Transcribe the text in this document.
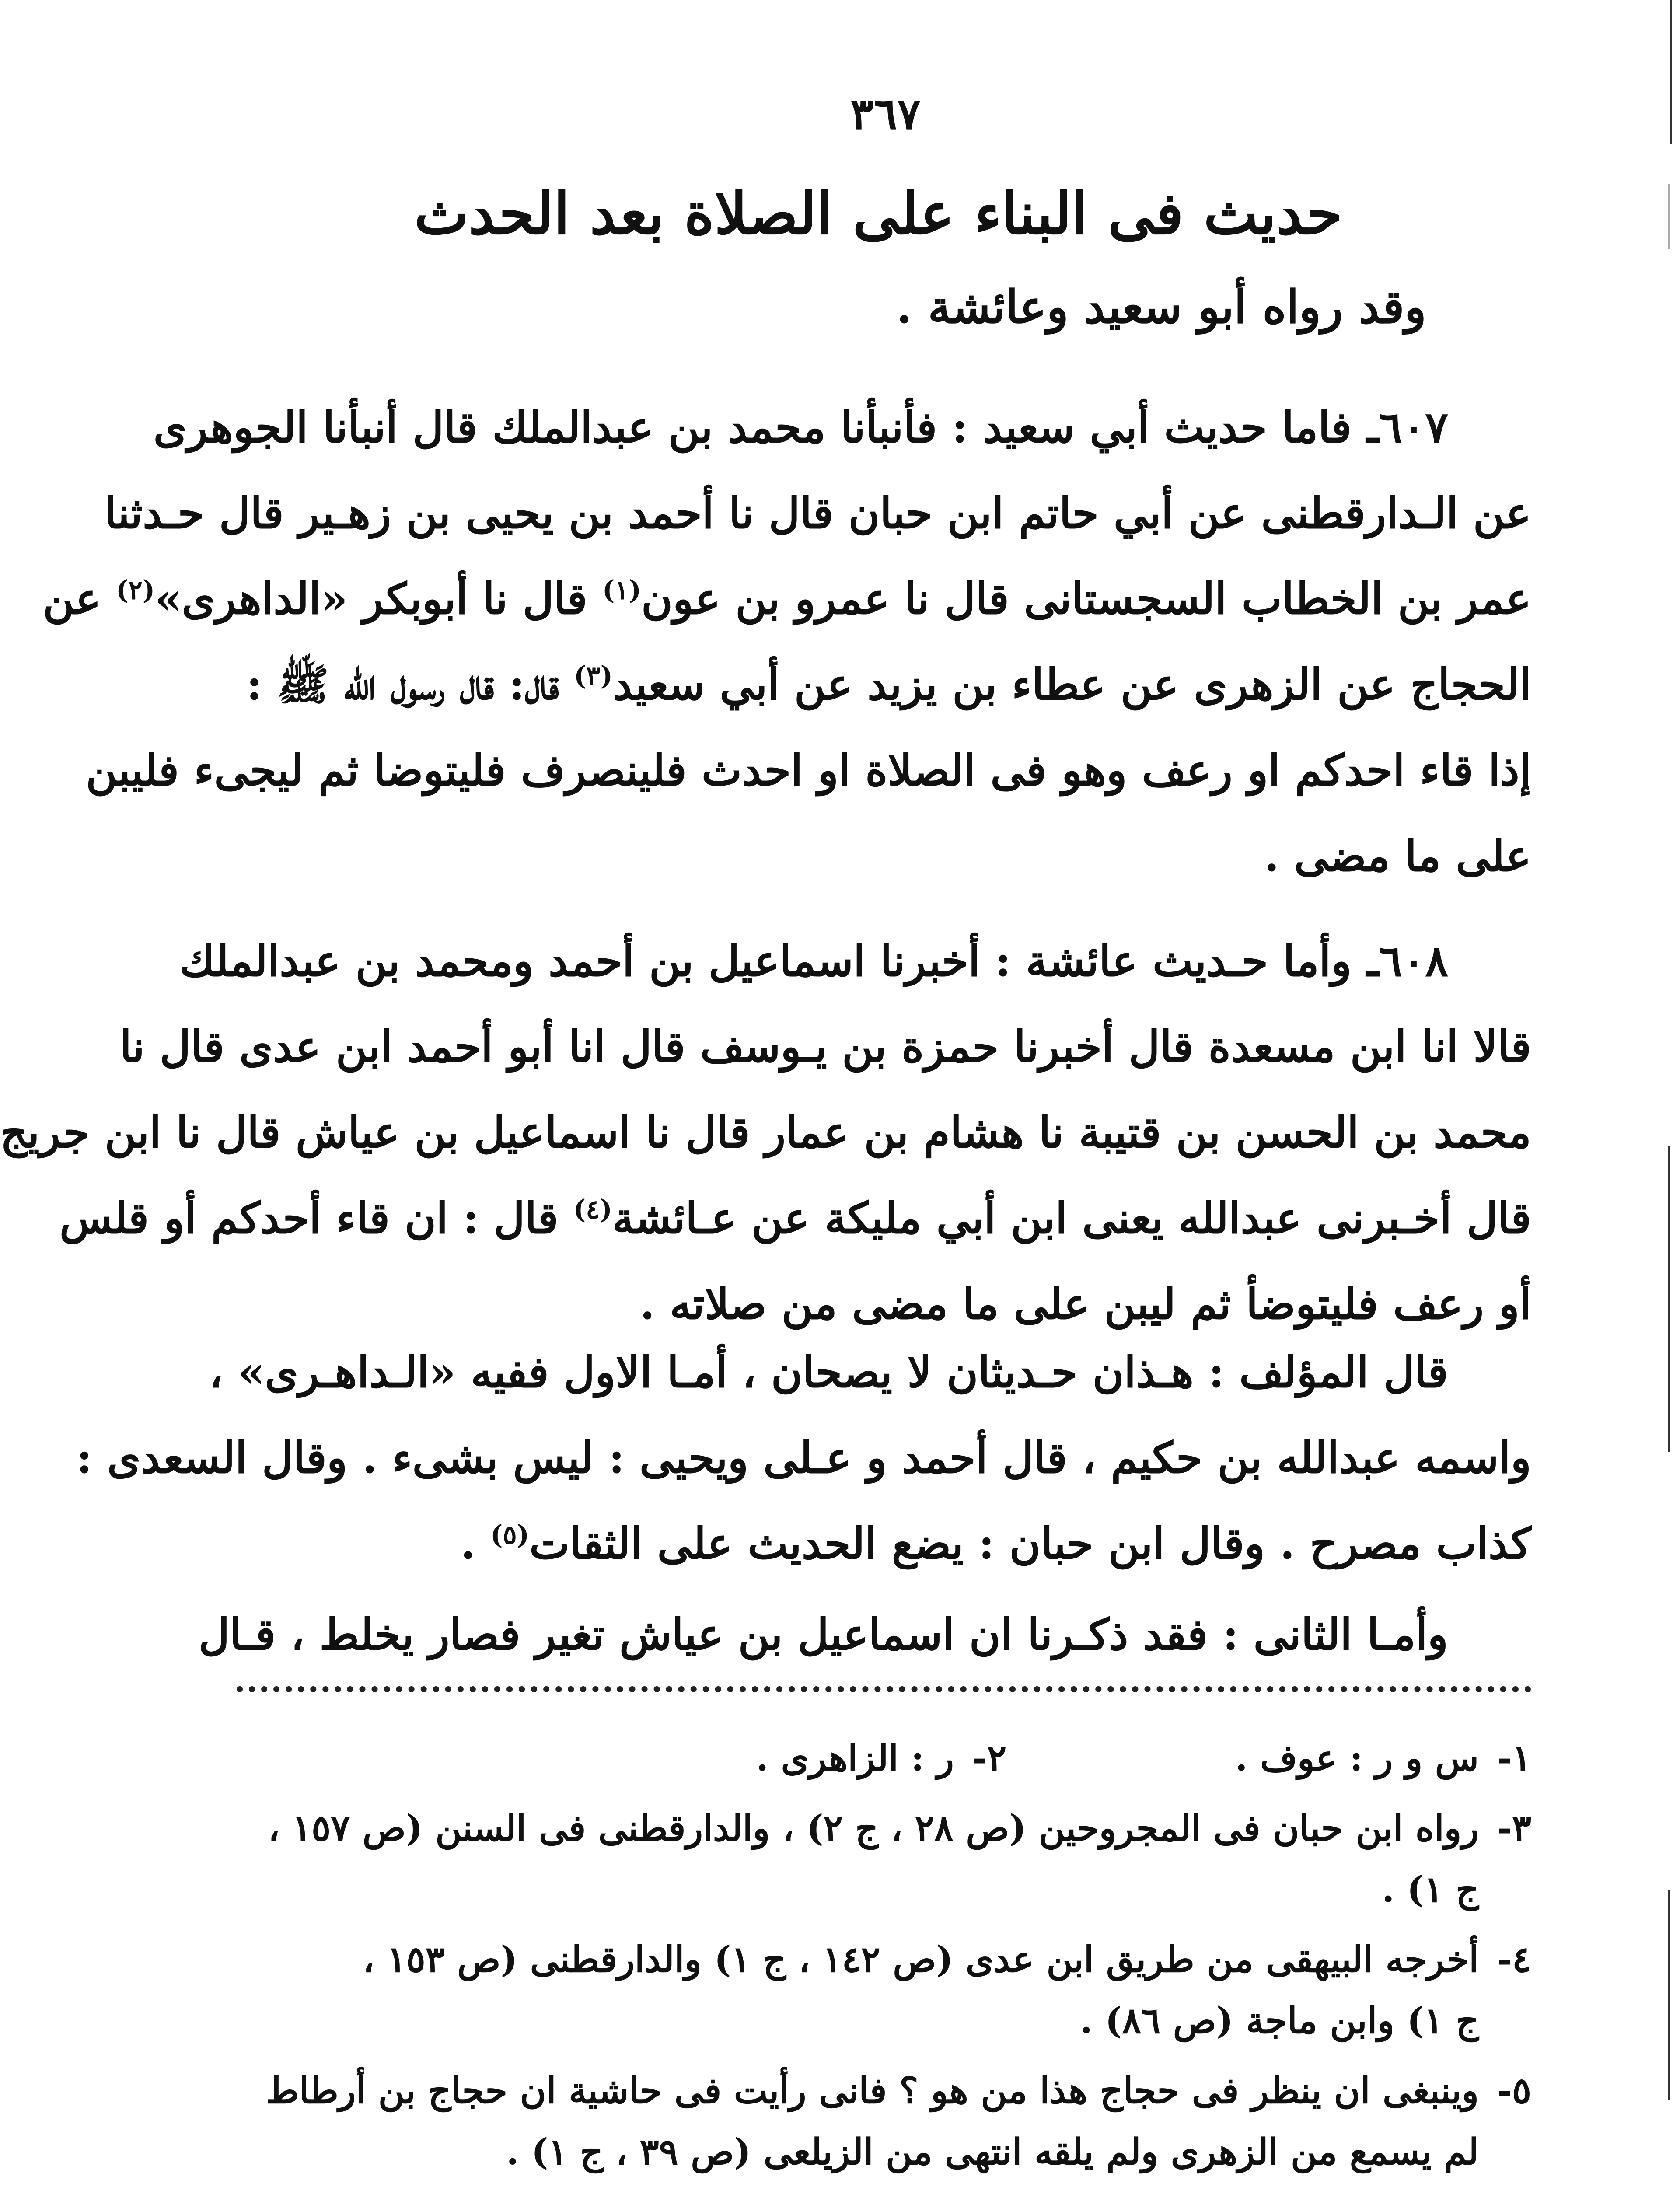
٣٦٧
حديث فى البناء على الصلاة بعد الحدث
وقد رواه أبو سعيد وعائشة .
٦٠٧ـ فاما حديث أبي سعيد : فأنبأنا محمد بن عبدالملك قال أنبأنا الجوهرى
عن الـدارقطنى عن أبي حاتم ابن حبان قال نا أحمد بن يحيى بن زهـير قال حـدثنا
عمر بن الخطاب السجستانى قال نا عمرو بن عون$^{(١)}$ قال نا أبوبكر «الداهرى»$^{(٢)}$ عن
الحجاج عن الزهرى عن عطاء بن يزيد عن أبي سعيد$^{(٣)}$ قال: قال رسول الله ﷺ :
إذا قاء احدكم او رعف وهو فى الصلاة او احدث فلينصرف فليتوضا ثم ليجىء فليبن
على ما مضى .
٦٠٨ـ وأما حـديث عائشة : أخبرنا اسماعيل بن أحمد ومحمد بن عبدالملك
قالا انا ابن مسعدة قال أخبرنا حمزة بن يـوسف قال انا أبو أحمد ابن عدى قال نا
محمد بن الحسن بن قتيبة نا هشام بن عمار قال نا اسماعيل بن عياش قال نا ابن جريج
قال أخـبرنى عبدالله يعنى ابن أبي مليكة عن عـائشة$^{(٤)}$ قال : ان قاء أحدكم أو قلس
أو رعف فليتوضأ ثم ليبن على ما مضى من صلاته .
قال المؤلف : هـذان حـديثان لا يصحان ، أمـا الاول ففيه «الـداهـرى» ،
واسمه عبدالله بن حكيم ، قال أحمد و عـلى ويحيى : ليس بشىء . وقال السعدى :
كذاب مصرح . وقال ابن حبان : يضع الحديث على الثقات$^{(٥)}$ .
وأمـا الثانى : فقد ذكـرنا ان اسماعيل بن عياش تغير فصار يخلط ، قـال
١-
س و ر : عوف .
٢-
ر : الزاهرى .
٣-
رواه ابن حبان فى المجروحين (ص ٢٨ ، ج ٢) ، والدارقطنى فى السنن (ص ١٥٧ ،
ج ١) .
٤-
أخرجه البيهقى من طريق ابن عدى (ص ١٤٢ ، ج ١) والدارقطنى (ص ١٥٣ ،
ج ١) وابن ماجة (ص ٨٦) .
٥-
وينبغى ان ينظر فى حجاج هذا من هو ؟ فانى رأيت فى حاشية ان حجاج بن أرطاط
لم يسمع من الزهرى ولم يلقه انتهى من الزيلعى (ص ٣٩ ، ج ١) .
